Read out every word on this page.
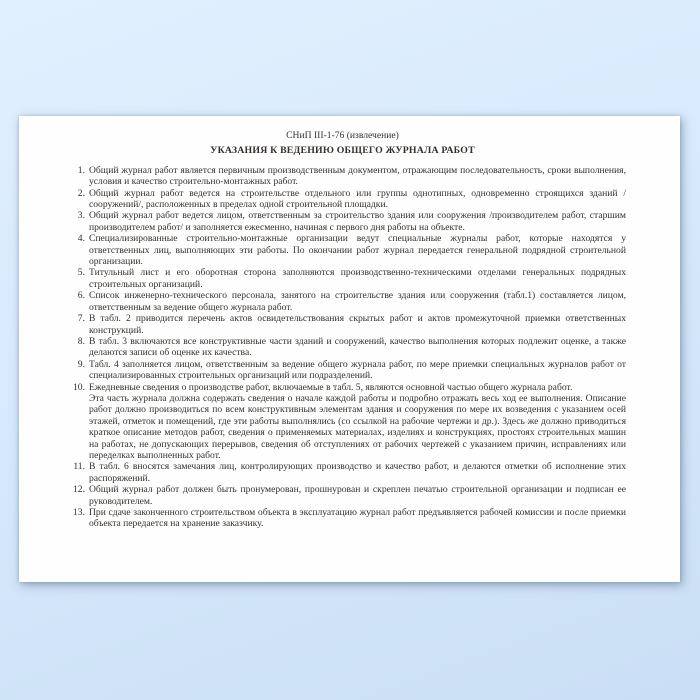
СНиП III-1-76 (извлечение)

УКАЗАНИЯ К ВЕДЕНИЮ ОБЩЕГО ЖУРНАЛА РАБОТ

1. Общий журнал работ является первичным производственным документом, отражающим последовательность, сроки выполнения, условия и качество строительно-монтажных работ.
2. Общий журнал работ ведется на строительстве отдельного или группы однотипных, одновременно строящихся зданий /сооружений/, расположенных в пределах одной строительной площадки.
3. Общий журнал работ ведется лицом, ответственным за строительство здания или сооружения /производителем работ, старшим производителем работ/ и заполняется ежесменно, начиная с первого дня работы на объекте.
4. Специализированные строительно-монтажные организации ведут специальные журналы работ, которые находятся у ответственных лиц, выполняющих эти работы. По окончании работ журнал передается генеральной подрядной строительной организации.
5. Титульный лист и его оборотная сторона заполняются производственно-техническими отделами генеральных подрядных строительных организаций.
6. Список инженерно-технического персонала, занятого на строительстве здания или сооружения (табл.1) составляется лицом, ответственным за ведение общего журнала работ.
7. В табл. 2 приводится перечень актов освидетельствования скрытых работ и актов промежуточной приемки ответственных конструкций.
8. В табл. 3 включаются все конструктивные части зданий и сооружений, качество выполнения которых подлежит оценке, а также делаются записи об оценке их качества.
9. Табл. 4 заполняется лицом, ответственным за ведение общего журнала работ, по мере приемки специальных журналов работ от специализированных строительных организаций или подразделений.
10. Ежедневные сведения о производстве работ, включаемые в табл. 5, являются основной частью общего журнала работ.
Эта часть журнала должна содержать сведения о начале каждой работы и подробно отражать весь ход ее выполнения. Описание работ должно производиться по всем конструктивным элементам здания и сооружения по мере их возведения с указанием осей этажей, отметок и помещений, где эти работы выполнялись (со ссылкой на рабочие чертежи и др.). Здесь же должно приводиться краткое описание методов работ, сведения о применяемых материалах, изделиях и конструкциях, простоях строительных машин на работах, не допускающих перерывов, сведения об отступлениях от рабочих чертежей с указанием причин, исправлениях или переделках выполненных работ.
11. В табл. 6 вносятся замечания лиц, контролирующих производство и качество работ, и делаются отметки об исполнение этих распоряжений.
12. Общий журнал работ должен быть пронумерован, прошнурован и скреплен печатью строительной организации и подписан ее руководителем.
13. При сдаче законченного строительством объекта в эксплуатацию журнал работ предъявляется рабочей комиссии и после приемки объекта передается на хранение заказчику.
